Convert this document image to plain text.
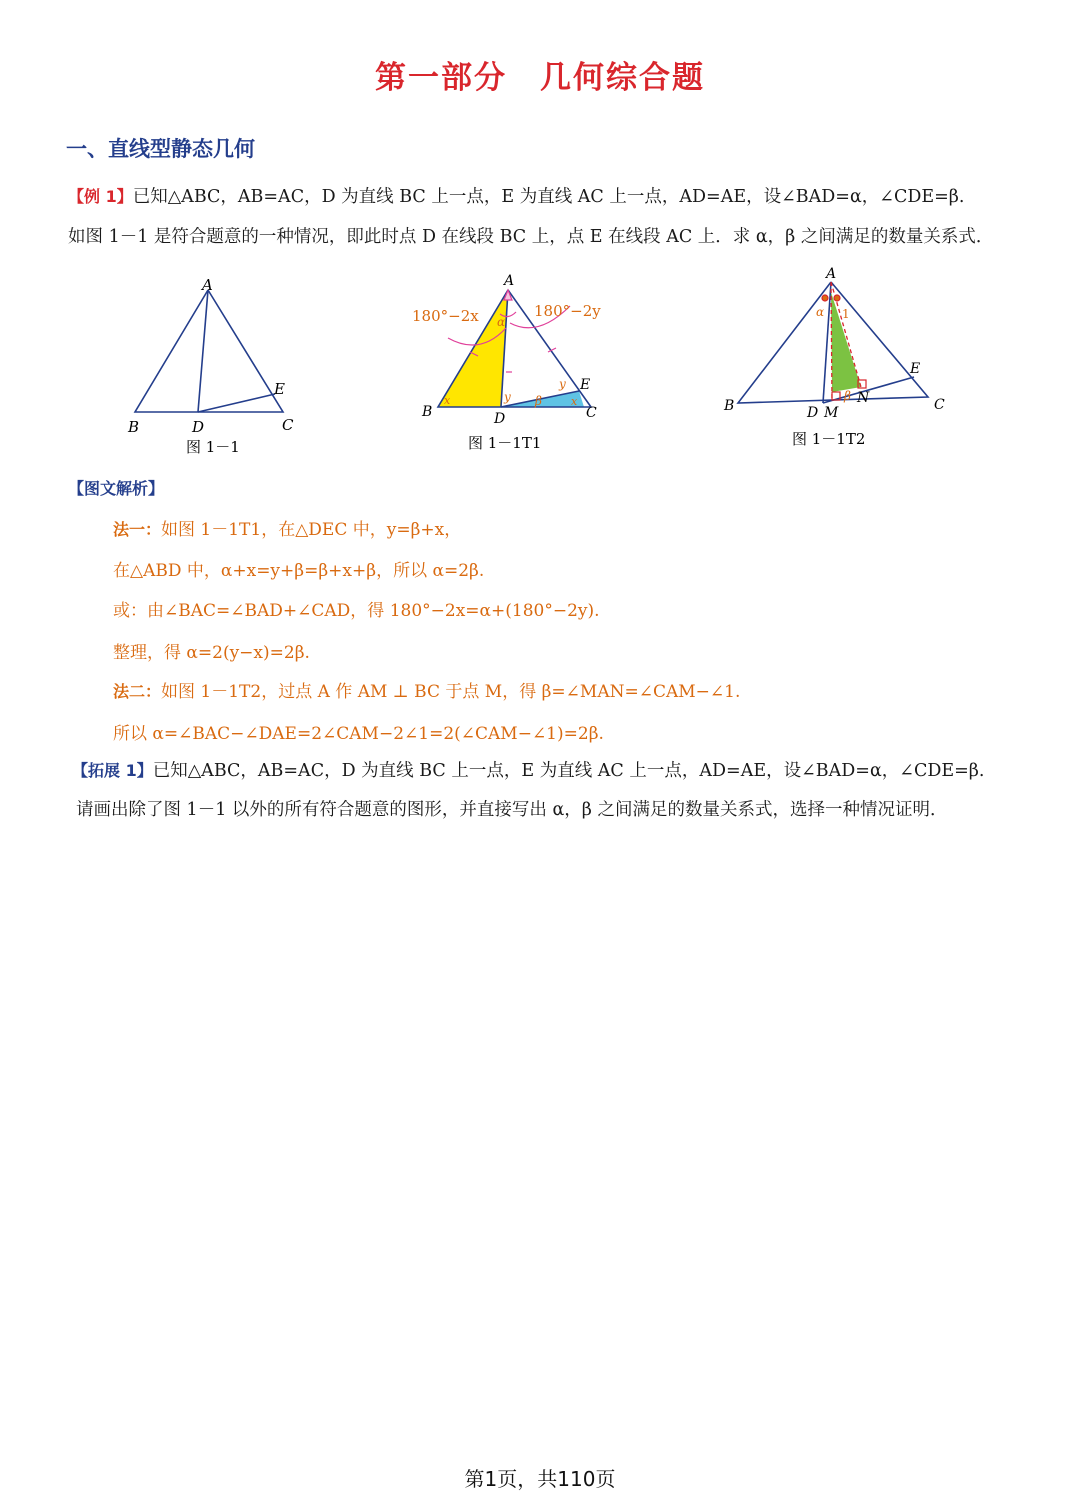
第一部分　几何综合题
一、直线型静态几何
【例 1】已知△ABC，AB=AC，D 为直线 BC 上一点，E 为直线 AC 上一点，AD=AE，设∠BAD=α，∠CDE=β.
如图 1－1 是符合题意的一种情况，即此时点 D 在线段 BC 上，点 E 在线段 AC 上．求 α，β 之间满足的数量关系式．
A
B	D	C
E
图 1－1
A
180°−2x	180°−2y
α
x	y β
y
x
B	D	C
E
图 1－1T1
A
α 1
β
B	D M
N
E
C
图 1－1T2
【图文解析】
法一：如图 1－1T1，在△DEC 中，y=β+x，
在△ABD 中，α+x=y+β=β+x+β，所以 α=2β.
或：由∠BAC=∠BAD+∠CAD，得 180°−2x=α+(180°−2y).
整理，得 α=2(y−x)=2β.
法二：如图 1－1T2，过点 A 作 AM ⊥ BC 于点 M，得 β=∠MAN=∠CAM−∠1.
所以 α=∠BAC−∠DAE=2∠CAM−2∠1=2(∠CAM−∠1)=2β.
【拓展 1】已知△ABC，AB=AC，D 为直线 BC 上一点，E 为直线 AC 上一点，AD=AE，设∠BAD=α，∠CDE=β.
请画出除了图 1－1 以外的所有符合题意的图形，并直接写出 α，β 之间满足的数量关系式，选择一种情况证明．
第1页，共110页
